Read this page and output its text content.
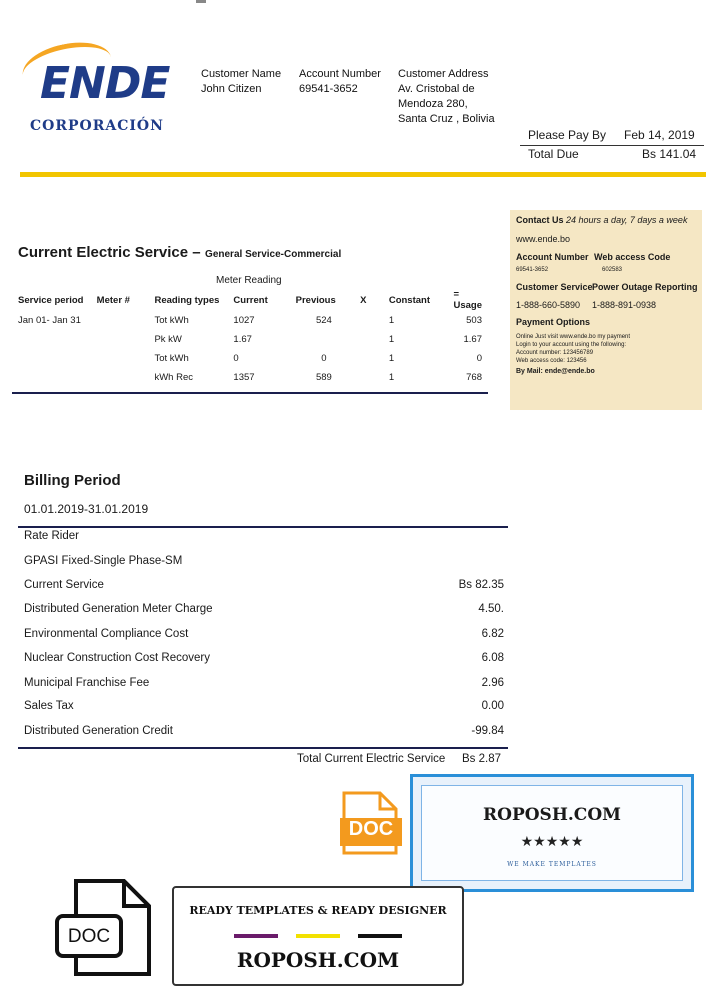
ENDE
CORPORACIÓN
Customer Name
John Citizen
Account Number
69541-3652
Customer Address
Av. Cristobal de
Mendoza 280,
Santa Cruz , Bolivia
Please Pay By Feb 14, 2019
Total Due	Bs 141.04
Current Electric Service – General Service-Commercial
Meter Reading
Service period	Meter #	Reading types	Current	Previous	X	Constant	= Usage
Jan 01- Jan 31		Tot kWh	1027	524		1	503
		Pk kW	1.67			1	1.67
		Tot kWh	0	0		1	0
		kWh Rec	1357	589		1	768
Contact Us 24 hours a day, 7 days a week
www.ende.bo
Account Number Web access Code
69541-3652	602583
Customer Service Power Outage Reporting
1-888-660-5890 1-888-891-0938
Payment Options
Online Just visit www.ende.bo my payment
Login to your account using the following:
Account number: 123456789
Web access code: 123456
By Mail: ende@ende.bo
Billing Period
01.01.2019-31.01.2019
Rate Rider
GPASI Fixed-Single Phase-SM
Current Service	Bs 82.35
Distributed Generation Meter Charge	4.50.
Environmental Compliance Cost	6.82
Nuclear Construction Cost Recovery	6.08
Municipal Franchise Fee	2.96
Sales Tax	0.00
Distributed Generation Credit	-99.84
Total Current Electric Service Bs 2.87
DOC
ROPOSH.COM
★★★★★
WE MAKE TEMPLATES
DOC
READY TEMPLATES & READY DESIGNER
ROPOSH.COM
